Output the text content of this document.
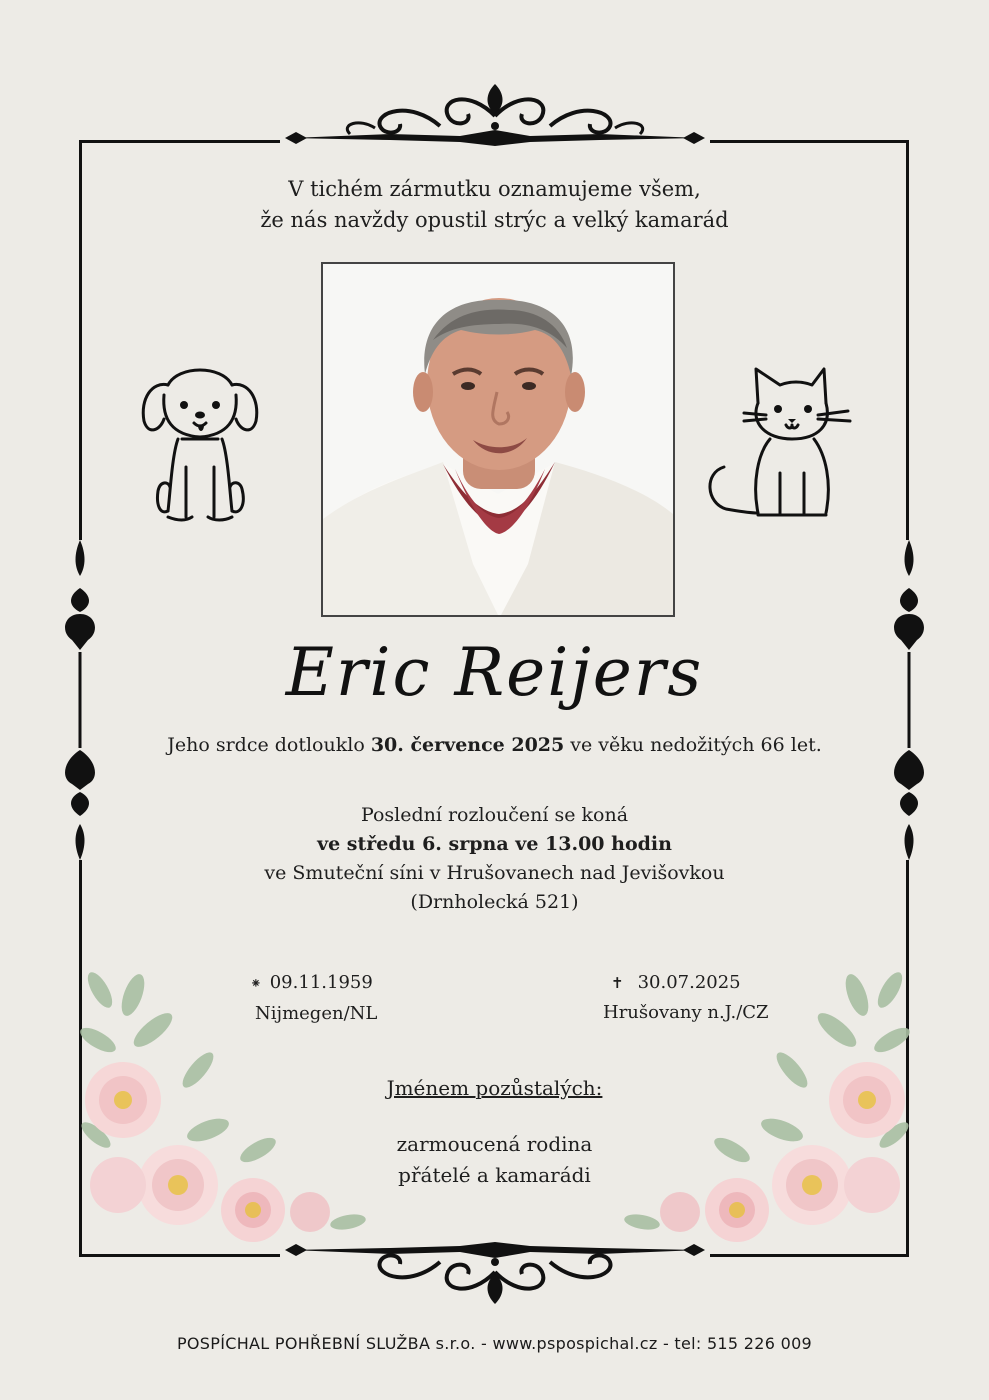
V tichém zármutku oznamujeme všem,
že nás navždy opustil strýc a velký kamarád
Eric Reijers
Jeho srdce dotlouklo 30. července 2025 ve věku nedožitých 66 let.
Poslední rozloučení se koná
ve středu 6. srpna ve 13.00 hodin
ve Smuteční síni v Hrušovanech nad Jevišovkou
(Drnholecká 521)
⁕ 09.11.1959
Nijmegen/NL
✝ 30.07.2025
Hrušovany n.J./CZ
Jménem pozůstalých:
zarmoucená rodina
přátelé a kamarádi
POSPÍCHAL POHŘEBNÍ SLUŽBA s.r.o. - www.pspospichal.cz - tel: 515 226 009
